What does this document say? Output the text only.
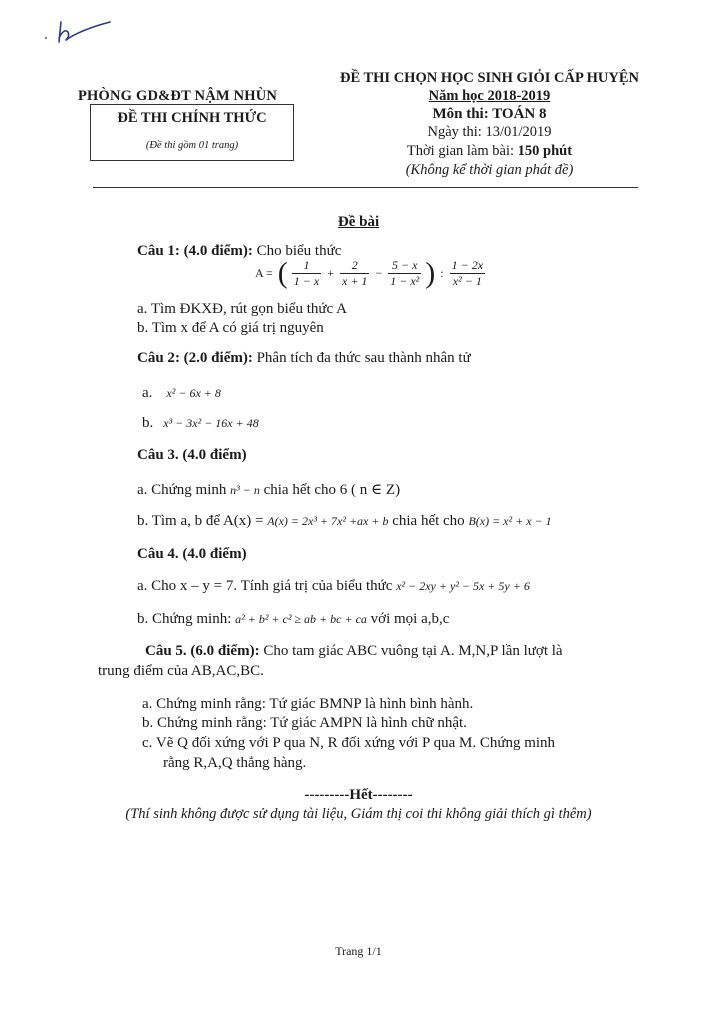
PHÒNG GD&ĐT NẬM NHÙN
ĐỀ THI CHÍNH THỨC
(Đề thi gồm 01 trang)
ĐỀ THI CHỌN HỌC SINH GIỎI CẤP HUYỆN
Năm học 2018-2019
Môn thi: TOÁN 8
Ngày thi: 13/01/2019
Thời gian làm bài: 150 phút
(Không kể thời gian phát đề)
Đề bài
Câu 1: (4.0 điểm): Cho biểu thức
A = ( $\frac{1}{1 - x} + \frac{2}{x + 1} - \frac{5 - x}{\text{1 − x²}}$ ) : $\frac{1 - 2x}{\text{x² − 1}}$
a. Tìm ĐKXĐ, rút gọn biểu thức A
b. Tìm x để A có giá trị nguyên
Câu 2: (2.0 điểm): Phân tích đa thức sau thành nhân tử
a. x² − 6x + 8
b. x³ − 3x² − 16x + 48
Câu 3. (4.0 điểm)
a. Chứng minh n³ − n chia hết cho 6 ( n ∈ Z)
b. Tìm a, b để A(x) = A(x) = 2x³ + 7x² +ax + b chia hết cho B(x) = x² + x − 1
Câu 4. (4.0 điểm)
a. Cho x – y = 7. Tính giá trị của biểu thức x² − 2xy + y² − 5x + 5y + 6
b. Chứng minh: a² + b² + c² ≥ ab + bc + ca với mọi a,b,c
Câu 5. (6.0 điểm): Cho tam giác ABC vuông tại A. M,N,P lần lượt là
trung điểm của AB,AC,BC.
a. Chứng minh rằng: Tứ giác BMNP là hình bình hành.
b. Chứng minh rằng: Tứ giác AMPN là hình chữ nhật.
c. Vẽ Q đối xứng với P qua N, R đối xứng với P qua M. Chứng minh
rằng R,A,Q thẳng hàng.
---------Hết--------
(Thí sinh không được sử dụng tài liệu, Giám thị coi thi không giải thích gì thêm)
Trang 1/1
